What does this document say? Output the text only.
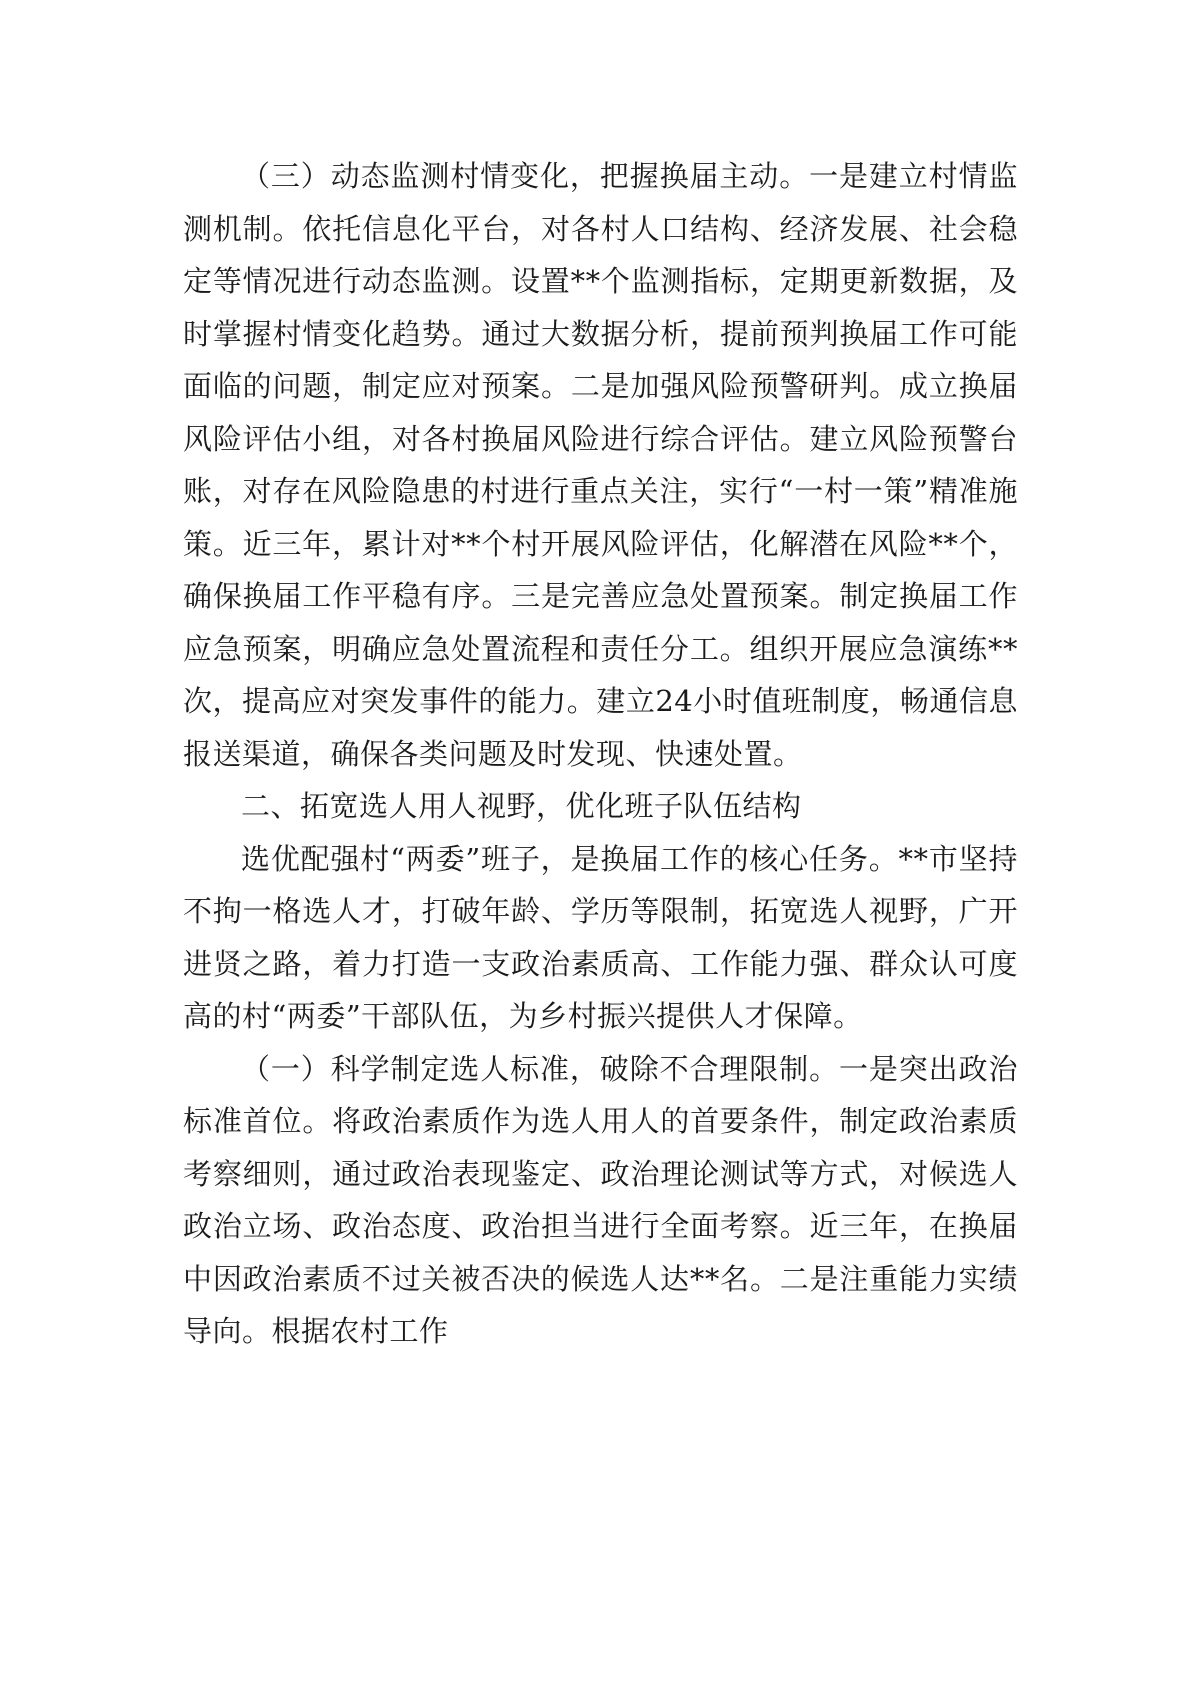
（三）动态监测村情变化，把握换届主动。一是建立村情监测机制。依托信息化平台，对各村人口结构、经济发展、社会稳定等情况进行动态监测。设置**个监测指标，定期更新数据，及时掌握村情变化趋势。通过大数据分析，提前预判换届工作可能面临的问题，制定应对预案。二是加强风险预警研判。成立换届风险评估小组，对各村换届风险进行综合评估。建立风险预警台账，对存在风险隐患的村进行重点关注，实行“一村一策”精准施策。近三年，累计对**个村开展风险评估，化解潜在风险**个，确保换届工作平稳有序。三是完善应急处置预案。制定换届工作应急预案，明确应急处置流程和责任分工。组织开展应急演练**次，提高应对突发事件的能力。建立24小时值班制度，畅通信息报送渠道，确保各类问题及时发现、快速处置。

二、拓宽选人用人视野，优化班子队伍结构

选优配强村“两委”班子，是换届工作的核心任务。**市坚持不拘一格选人才，打破年龄、学历等限制，拓宽选人视野，广开进贤之路，着力打造一支政治素质高、工作能力强、群众认可度高的村“两委”干部队伍，为乡村振兴提供人才保障。

（一）科学制定选人标准，破除不合理限制。一是突出政治标准首位。将政治素质作为选人用人的首要条件，制定政治素质考察细则，通过政治表现鉴定、政治理论测试等方式，对候选人政治立场、政治态度、政治担当进行全面考察。近三年，在换届中因政治素质不过关被否决的候选人达**名。二是注重能力实绩导向。根据农村工作
